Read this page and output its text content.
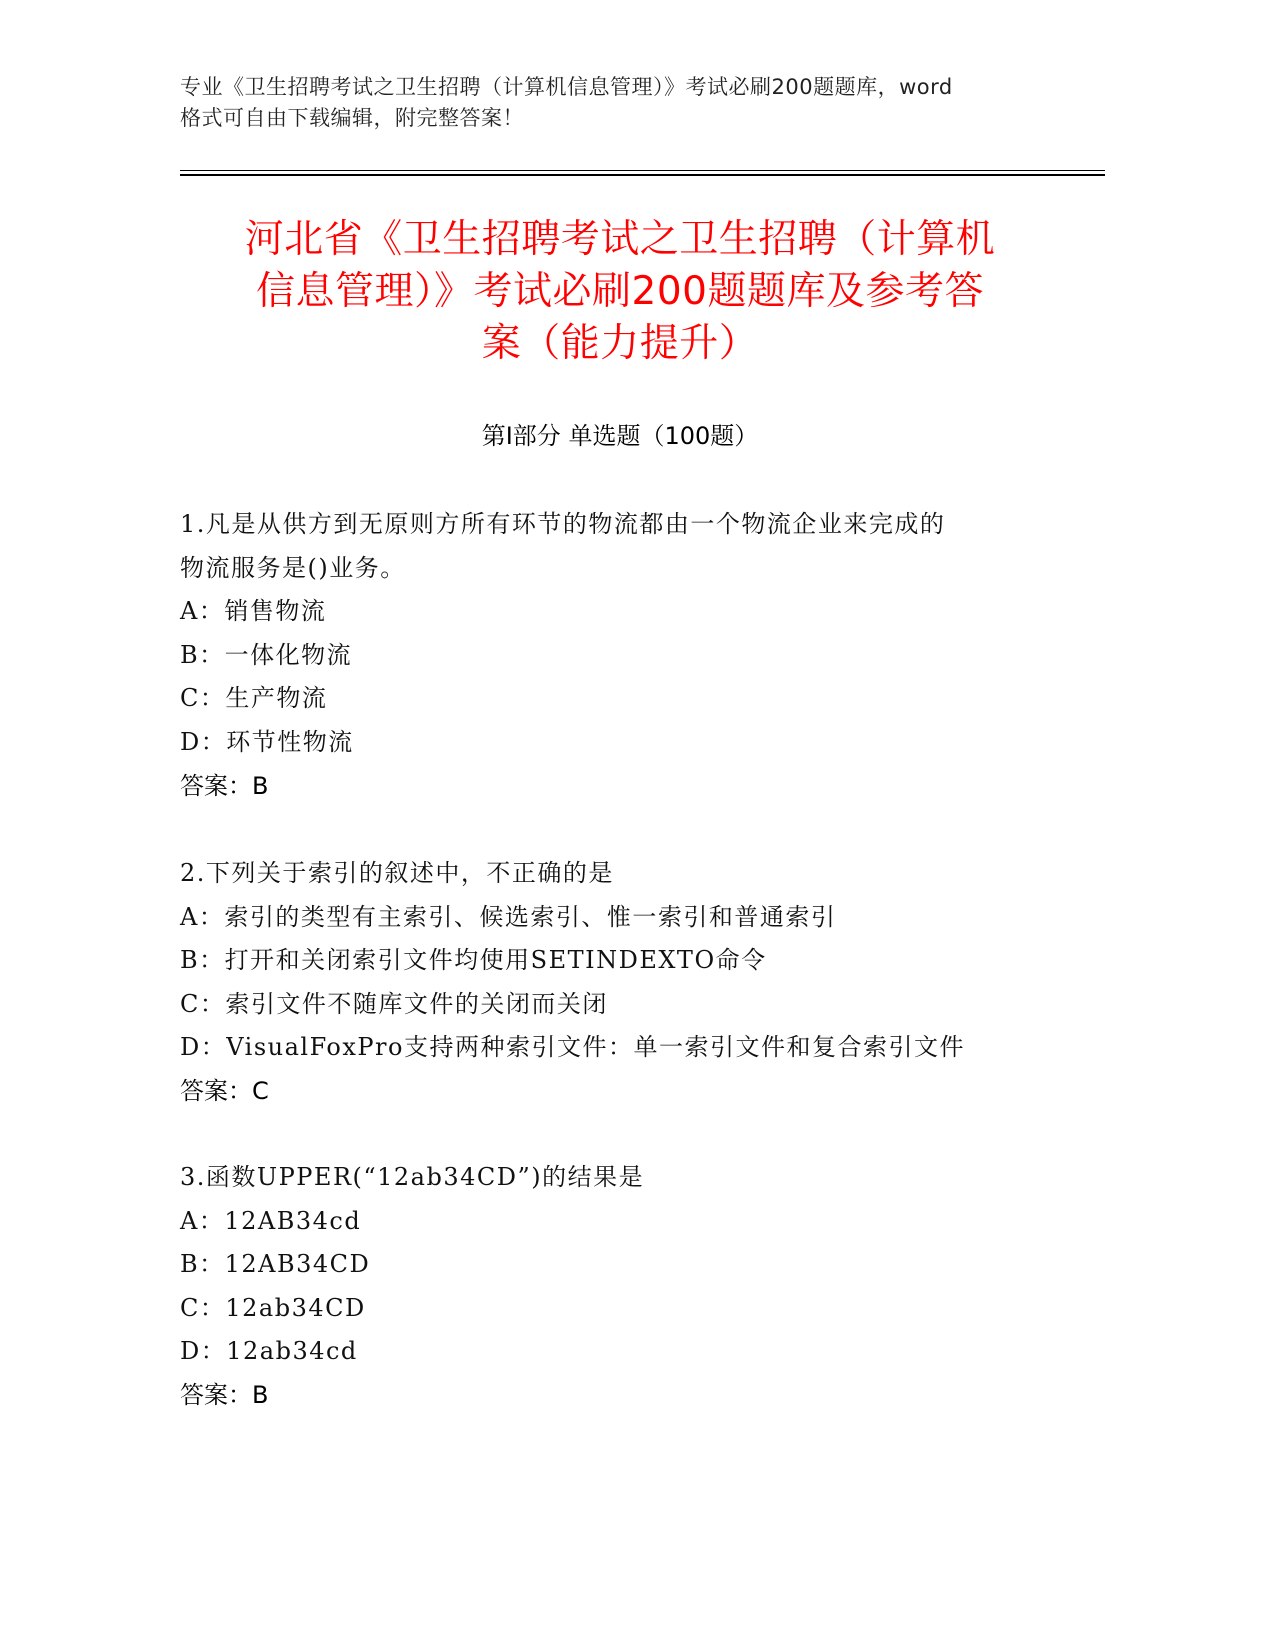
专业《卫生招聘考试之卫生招聘（计算机信息管理）》考试必刷200题题库，word
格式可自由下载编辑，附完整答案！
河北省《卫生招聘考试之卫生招聘（计算机
信息管理）》考试必刷200题题库及参考答
案（能力提升）
第Ⅰ部分 单选题（100题）
1.凡是从供方到无原则方所有环节的物流都由一个物流企业来完成的
物流服务是()业务。
A：销售物流
B：一体化物流
C：生产物流
D：环节性物流
答案：B
2.下列关于索引的叙述中，不正确的是
A：索引的类型有主索引、候选索引、惟一索引和普通索引
B：打开和关闭索引文件均使用SETINDEXTO命令
C：索引文件不随库文件的关闭而关闭
D：VisualFoxPro支持两种索引文件：单一索引文件和复合索引文件
答案：C
3.函数UPPER(“12ab34CD”)的结果是
A：12AB34cd
B：12AB34CD
C：12ab34CD
D：12ab34cd
答案：B
